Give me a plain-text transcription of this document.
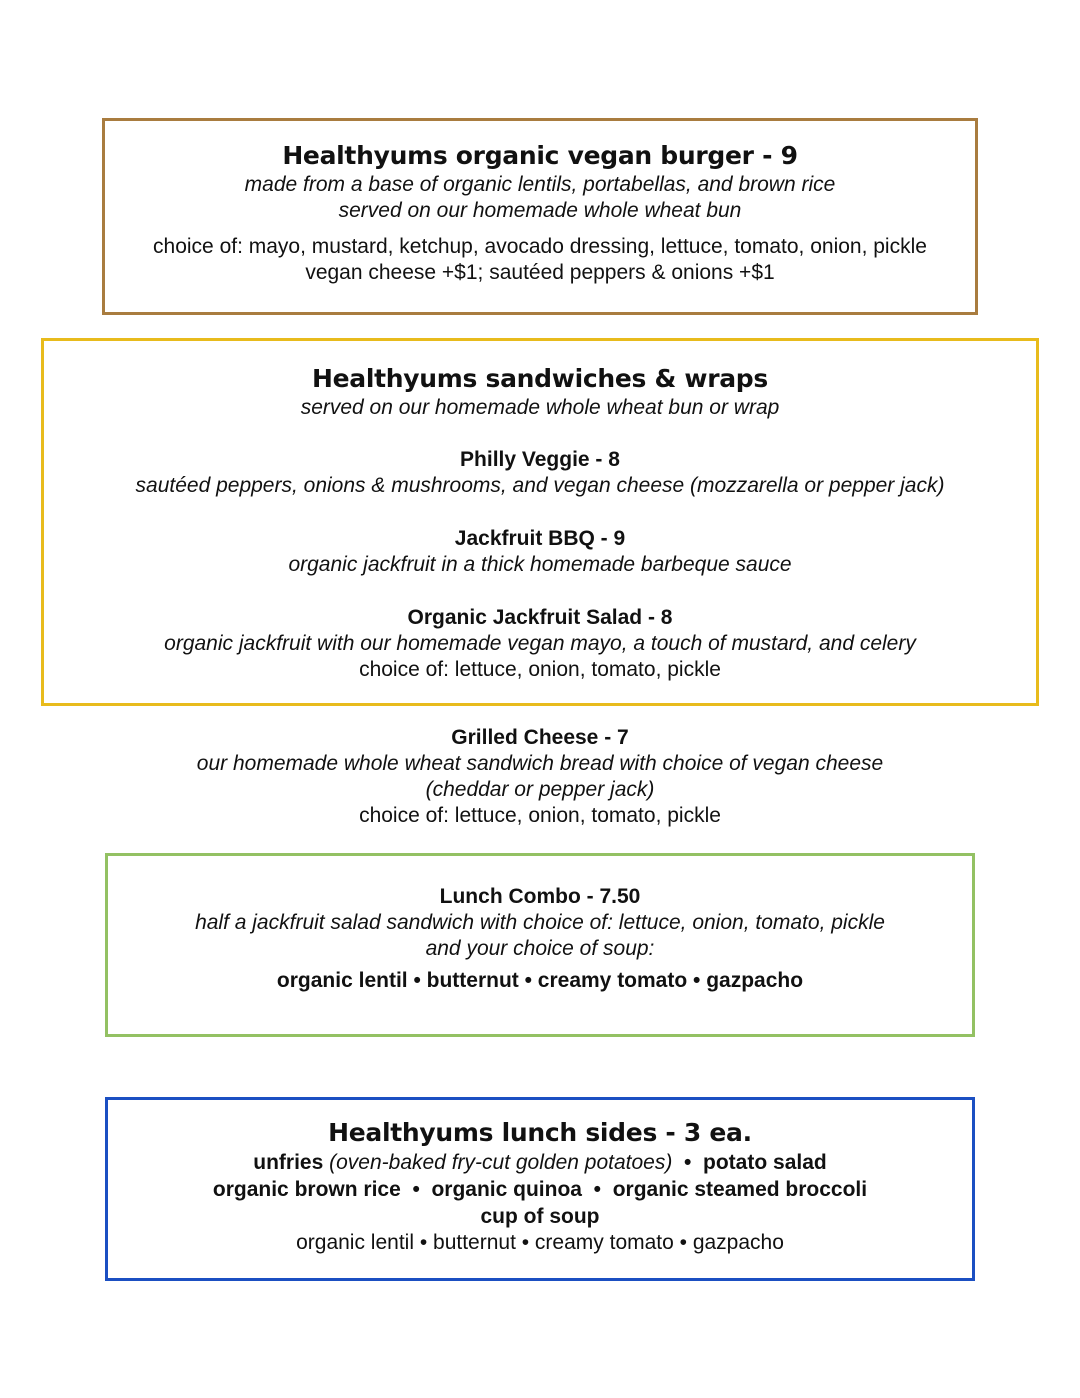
Healthyums organic vegan burger - 9
made from a base of organic lentils, portabellas, and brown rice
served on our homemade whole wheat bun
choice of: mayo, mustard, ketchup, avocado dressing, lettuce, tomato, onion, pickle
vegan cheese +$1; sautéed peppers & onions +$1
Healthyums sandwiches & wraps
served on our homemade whole wheat bun or wrap
Philly Veggie - 8
sautéed peppers, onions & mushrooms, and vegan cheese (mozzarella or pepper jack)
Jackfruit BBQ - 9
organic jackfruit in a thick homemade barbeque sauce
Organic Jackfruit Salad - 8
organic jackfruit with our homemade vegan mayo, a touch of mustard, and celery
choice of: lettuce, onion, tomato, pickle
Grilled Cheese - 7
our homemade whole wheat sandwich bread with choice of vegan cheese
(cheddar or pepper jack)
choice of: lettuce, onion, tomato, pickle
Lunch Combo - 7.50
half a jackfruit salad sandwich with choice of: lettuce, onion, tomato, pickle
and your choice of soup:
organic lentil • butternut • creamy tomato • gazpacho
Healthyums lunch sides - 3 ea.
unfries (oven-baked fry-cut golden potatoes) • potato salad
organic brown rice • organic quinoa • organic steamed broccoli
cup of soup
organic lentil • butternut • creamy tomato • gazpacho
